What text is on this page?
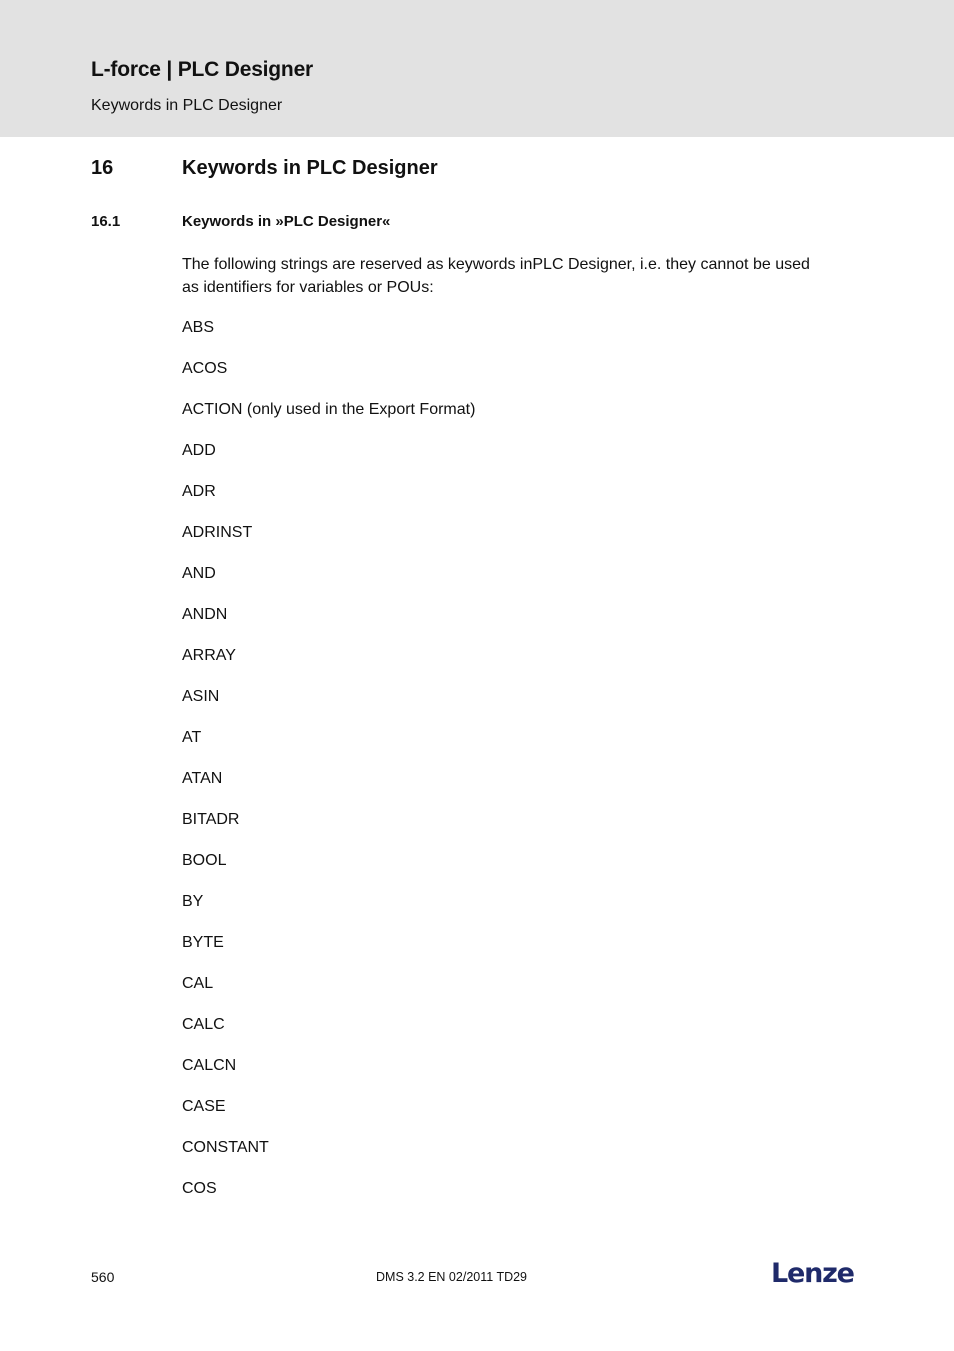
L-force | PLC Designer
Keywords in PLC Designer
16	Keywords in PLC Designer
16.1	Keywords in »PLC Designer«
The following strings are reserved as keywords inPLC Designer, i.e. they cannot be used as identifiers for variables or POUs:
ABS
ACOS
ACTION (only used in the Export Format)
ADD
ADR
ADRINST
AND
ANDN
ARRAY
ASIN
AT
ATAN
BITADR
BOOL
BY
BYTE
CAL
CALC
CALCN
CASE
CONSTANT
COS
560	DMS 3.2 EN 02/2011 TD29	Lenze
